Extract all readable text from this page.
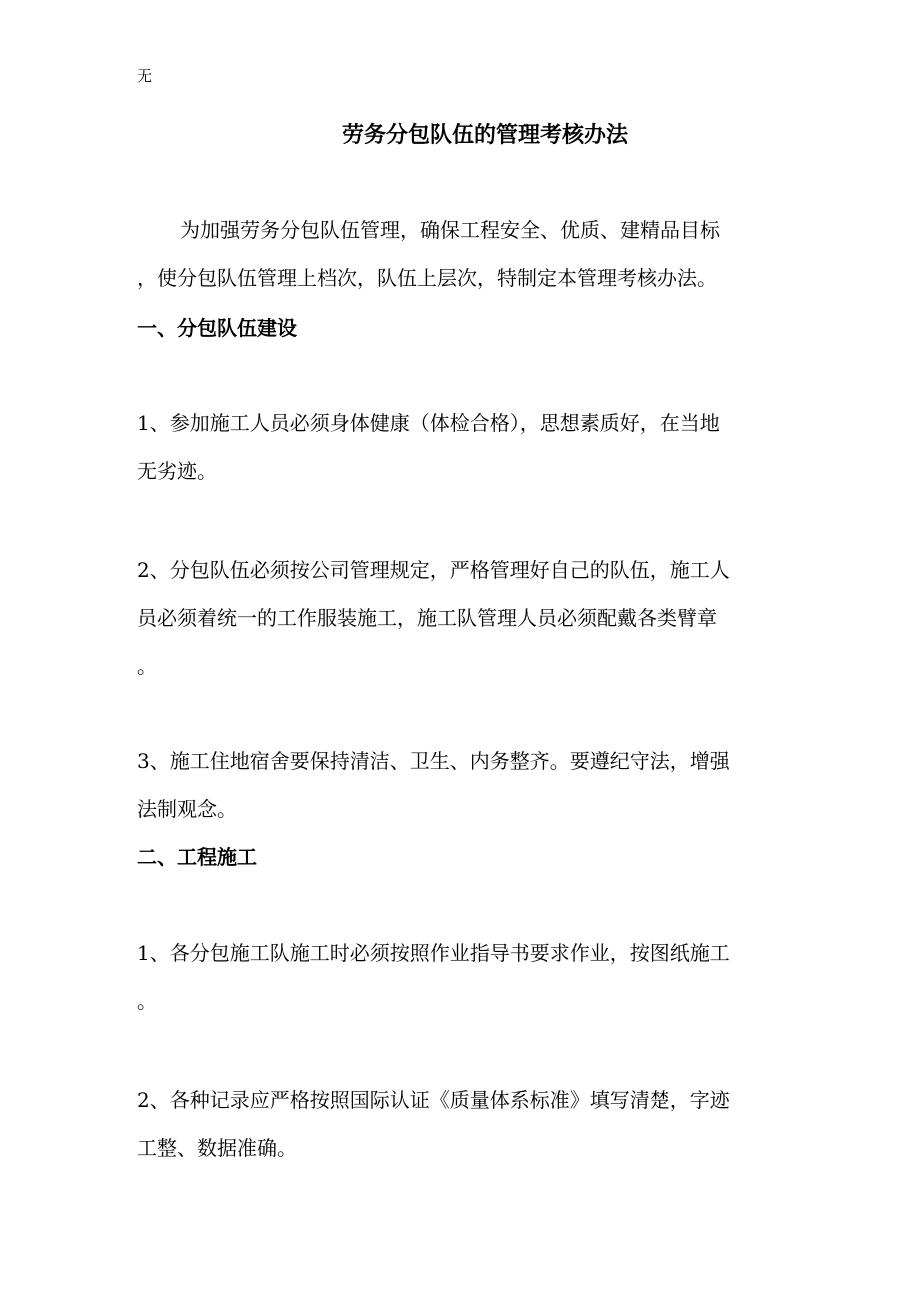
无
劳务分包队伍的管理考核办法
为加强劳务分包队伍管理，确保工程安全、优质、建精品目标
，使分包队伍管理上档次，队伍上层次，特制定本管理考核办法。
一、分包队伍建设
1、参加施工人员必须身体健康（体检合格），思想素质好，在当地
无劣迹。
2、分包队伍必须按公司管理规定，严格管理好自己的队伍，施工人
员必须着统一的工作服装施工，施工队管理人员必须配戴各类臂章
。
3、施工住地宿舍要保持清洁、卫生、内务整齐。要遵纪守法，增强
法制观念。
二、工程施工
1、各分包施工队施工时必须按照作业指导书要求作业，按图纸施工
。
2、各种记录应严格按照国际认证《质量体系标准》填写清楚，字迹
工整、数据准确。
